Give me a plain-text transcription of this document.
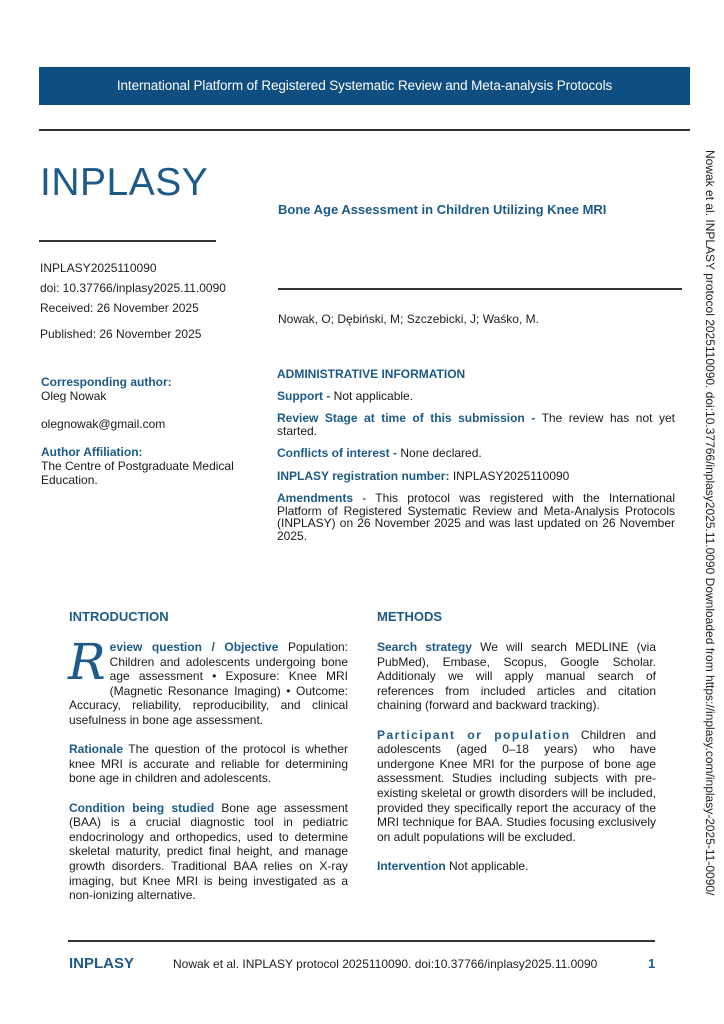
International Platform of Registered Systematic Review and Meta-analysis Protocols
INPLASY
INPLASY2025110090
doi: 10.37766/inplasy2025.11.0090
Received: 26 November 2025
Published: 26 November 2025
Bone Age Assessment in Children Utilizing Knee MRI
Nowak, O; Dębiński, M; Szczebicki, J; Waśko, M.
Corresponding author:
Oleg Nowak
olegnowak@gmail.com
Author Affiliation:
The Centre of Postgraduate Medical Education.
ADMINISTRATIVE INFORMATION

Support - Not applicable.

Review Stage at time of this submission - The review has not yet started.

Conflicts of interest - None declared.

INPLASY registration number: INPLASY2025110090

Amendments - This protocol was registered with the International Platform of Registered Systematic Review and Meta-Analysis Protocols (INPLASY) on 26 November 2025 and was last updated on 26 November 2025.

INTRODUCTION

Review question / Objective Population: Children and adolescents undergoing bone age assessment • Exposure: Knee MRI (Magnetic Resonance Imaging) • Outcome: Accuracy, reliability, reproducibility, and clinical usefulness in bone age assessment.

Rationale The question of the protocol is whether knee MRI is accurate and reliable for determining bone age in children and adolescents.

Condition being studied Bone age assessment (BAA) is a crucial diagnostic tool in pediatric endocrinology and orthopedics, used to determine skeletal maturity, predict final height, and manage growth disorders. Traditional BAA relies on X-ray imaging, but Knee MRI is being investigated as a non-ionizing alternative.

METHODS

Search strategy We will search MEDLINE (via PubMed), Embase, Scopus, Google Scholar. Additionaly we will apply manual search of references from included articles and citation chaining (forward and backward tracking).

Participant or population Children and adolescents (aged 0–18 years) who have undergone Knee MRI for the purpose of bone age assessment. Studies including subjects with pre-existing skeletal or growth disorders will be included, provided they specifically report the accuracy of the MRI technique for BAA. Studies focusing exclusively on adult populations will be excluded.

Intervention Not applicable.

INPLASY	Nowak et al. INPLASY protocol 2025110090. doi:10.37766/inplasy2025.11.0090	1
Nowak et al. INPLASY protocol 2025110090. doi:10.37766/inplasy2025.11.0090 Downloaded from https://inplasy.com/inplasy-2025-11-0090/
